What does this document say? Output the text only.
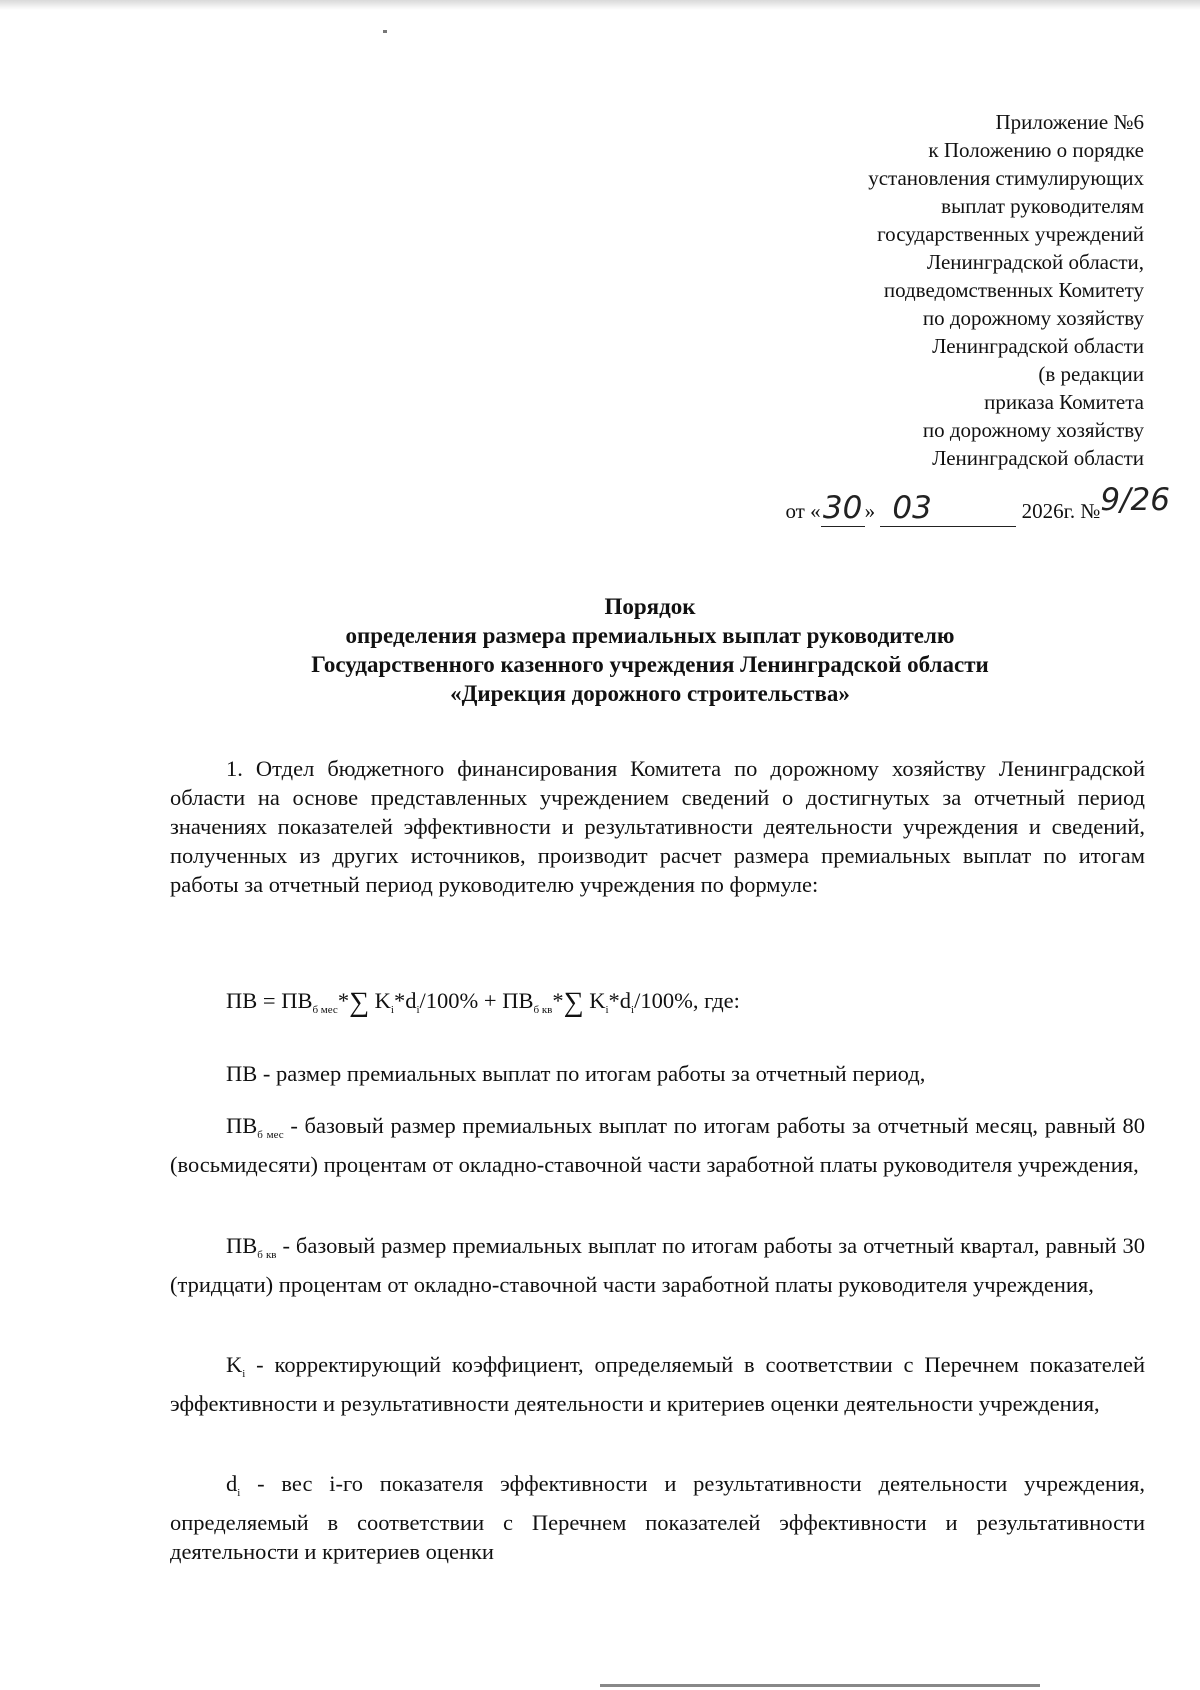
Приложение №6
к Положению о порядке
установления стимулирующих
выплат руководителям
государственных учреждений
Ленинградской области,
подведомственных Комитету
по дорожному хозяйству
Ленинградской области
(в редакции
приказа Комитета
по дорожному хозяйству
Ленинградской области
от «30 » 03	2026г. №9/26
Порядок
определения размера премиальных выплат руководителю
Государственного казенного учреждения Ленинградской области
«Дирекция дорожного строительства»
1. Отдел бюджетного финансирования Комитета по дорожному хозяйству Ленинградской области на основе представленных учреждением сведений о достигнутых за отчетный период значениях показателей эффективности и результативности деятельности учреждения и сведений, полученных из других источников, производит расчет размера премиальных выплат по итогам работы за отчетный период руководителю учреждения по формуле:
ПВ = $ПВ_{б мес}*\sum$ $K_i*d_i/100\% + ПВ_{б кв}*\sum$ $K_i*d_i/100\%$, где:
ПВ - размер премиальных выплат по итогам работы за отчетный период,
$ПВ_{б мес}$ - базовый размер премиальных выплат по итогам работы за отчетный месяц, равный 80 (восьмидесяти) процентам от окладно-ставочной части заработной платы руководителя учреждения,
$ПВ_{б кв}$ - базовый размер премиальных выплат по итогам работы за отчетный квартал, равный 30 (тридцати) процентам от окладно-ставочной части заработной платы руководителя учреждения,
$K_i$ - корректирующий коэффициент, определяемый в соответствии с Перечнем показателей эффективности и результативности деятельности и критериев оценки деятельности учреждения,
$d_i$ - вес i-го показателя эффективности и результативности деятельности учреждения, определяемый в соответствии с Перечнем показателей эффективности и результативности деятельности и критериев оценки
